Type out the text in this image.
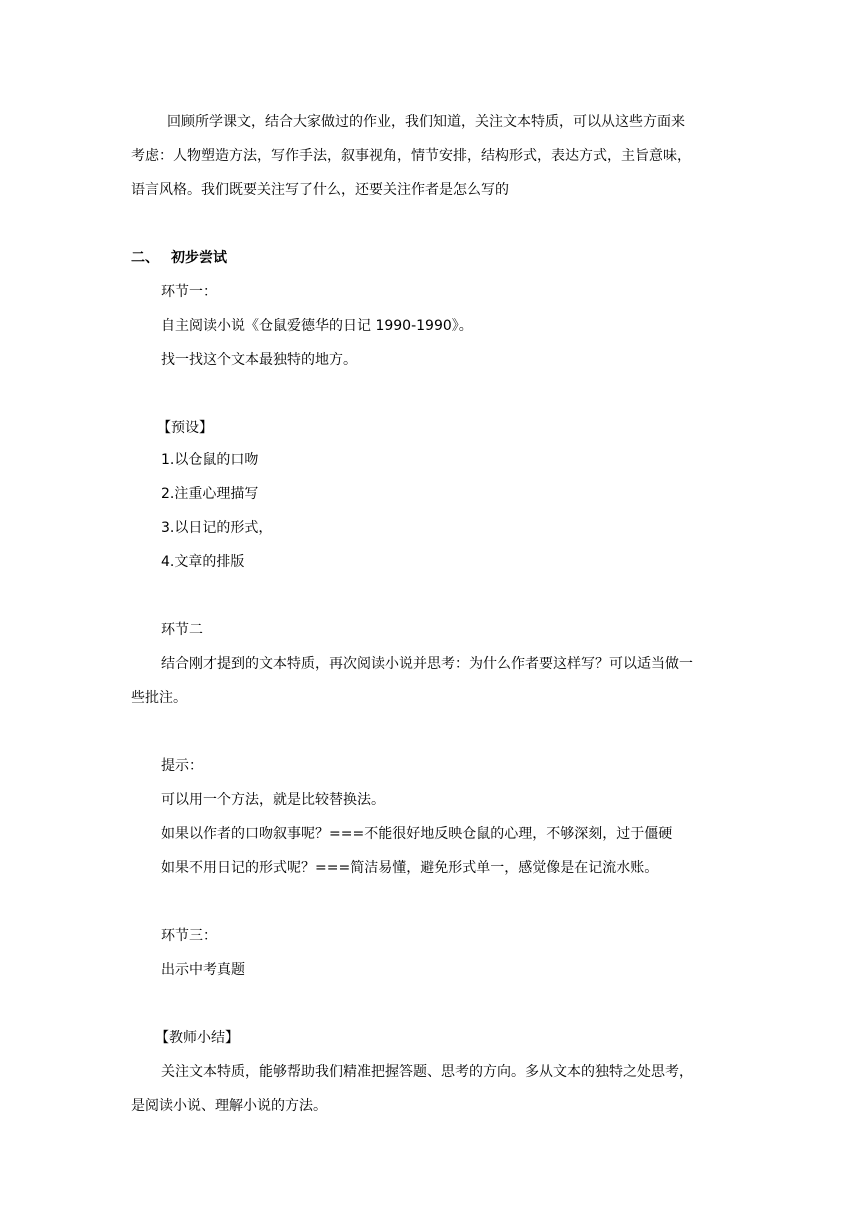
回顾所学课文，结合大家做过的作业，我们知道，关注文本特质，可以从这些方面来
考虑：人物塑造方法，写作手法，叙事视角，情节安排，结构形式，表达方式，主旨意味，
语言风格。我们既要关注写了什么，还要关注作者是怎么写的
二、 初步尝试
环节一：
自主阅读小说《仓鼠爱德华的日记 1990-1990》。
找一找这个文本最独特的地方。
【预设】
1.以仓鼠的口吻
2.注重心理描写
3.以日记的形式，
4.文章的排版
环节二
结合刚才提到的文本特质，再次阅读小说并思考：为什么作者要这样写？可以适当做一
些批注。
提示：
可以用一个方法，就是比较替换法。
如果以作者的口吻叙事呢？===不能很好地反映仓鼠的心理，不够深刻，过于僵硬
如果不用日记的形式呢？===简洁易懂，避免形式单一，感觉像是在记流水账。
环节三：
出示中考真题
【教师小结】
关注文本特质，能够帮助我们精准把握答题、思考的方向。多从文本的独特之处思考，
是阅读小说、理解小说的方法。
